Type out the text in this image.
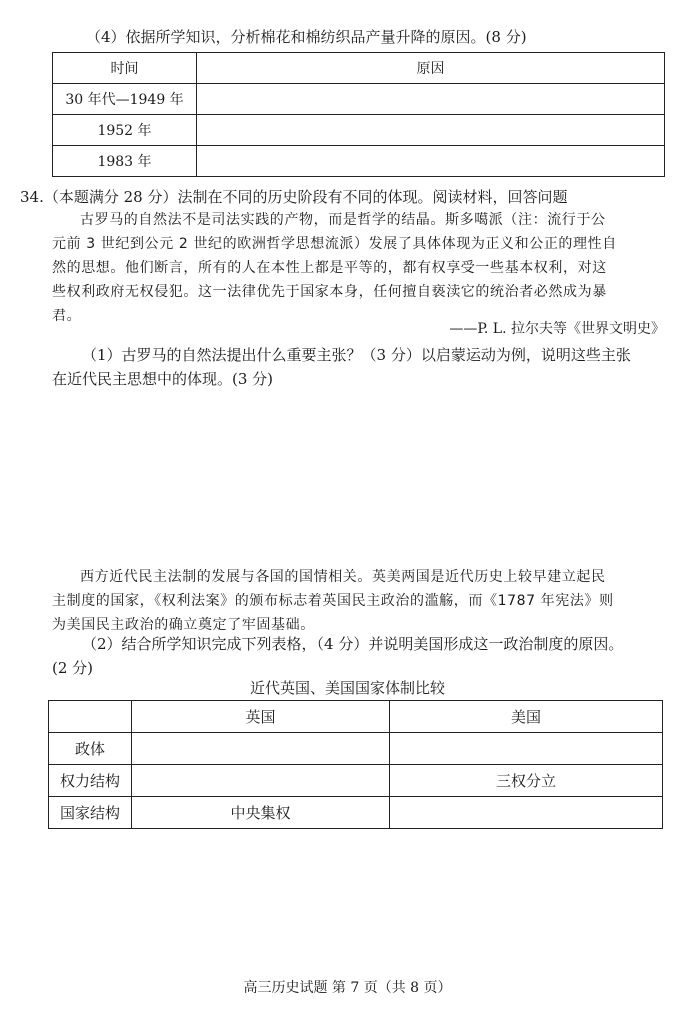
（4）依据所学知识，分析棉花和棉纺织品产量升降的原因。(8 分)
时间	原因
30 年代—1949 年	
1952 年	
1983 年	
34.（本题满分 28 分）法制在不同的历史阶段有不同的体现。阅读材料，回答问题

古罗马的自然法不是司法实践的产物，而是哲学的结晶。斯多噶派（注：流行于公

元前 3 世纪到公元 2 世纪的欧洲哲学思想流派）发展了具体体现为正义和公正的理性自

然的思想。他们断言，所有的人在本性上都是平等的，都有权享受一些基本权利，对这

些权利政府无权侵犯。这一法律优先于国家本身，任何擅自亵渎它的统治者必然成为暴

君。

——P. L. 拉尔夫等《世界文明史》

（1）古罗马的自然法提出什么重要主张？（3 分）以启蒙运动为例，说明这些主张

在近代民主思想中的体现。(3 分)

西方近代民主法制的发展与各国的国情相关。英美两国是近代历史上较早建立起民

主制度的国家，《权利法案》的颁布标志着英国民主政治的滥觞，而《1787 年宪法》则

为美国民主政治的确立奠定了牢固基础。

（2）结合所学知识完成下列表格，（4 分）并说明美国形成这一政治制度的原因。

(2 分)

近代英国、美国国家体制比较
	英国	美国
政体		
权力结构		三权分立
国家结构	中央集权	
高三历史试题 第 7 页（共 8 页）
